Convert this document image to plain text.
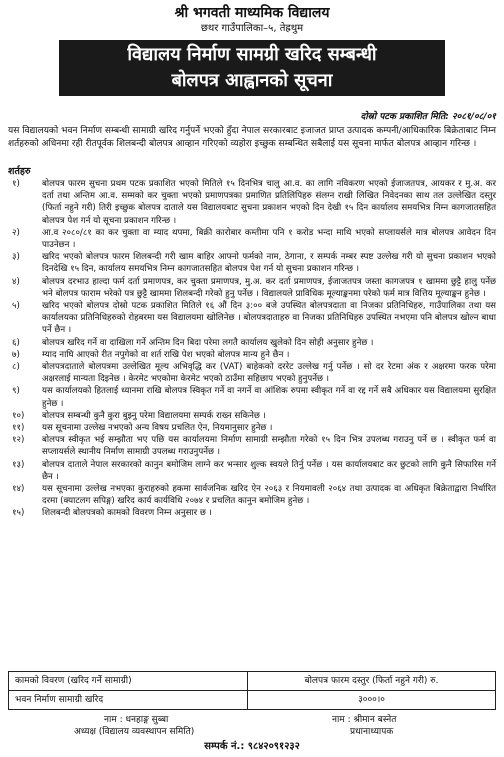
श्री भगवती माध्यमिक विद्यालय
छथर गाउँपालिका–५, तेह्रथुम
विद्यालय निर्माण सामग्री खरिद सम्बन्धी
बोलपत्र आह्वानको सूचना
दोस्रो पटक प्रकाशित मिति: २०८१/०८/०१
यस विद्यालयको भवन निर्माण सम्बन्धी सामाग्री खरिद गर्नुपर्ने भएको हुँदा नेपाल सरकारबाट इजाजत प्राप्त उत्पादक कम्पनी/आधिकारिक बिक्रेताबाट निम्न शर्तहरुको अधिनमा रही रीतपूर्वक शिलबन्दी बोलपत्र आव्हान गरिएको व्यहोरा इच्छुक सम्बन्धित सबैलाई यस सूचना मार्फत बोलपत्र आव्हान गरिन्छ ।
शर्तहरु
१)	बोलपत्र फारम सुचना प्रथम पटक प्रकाशित भएको मितिले १५ दिनभित्र चालु आ.व. का लागि नविकरण भएको ईजाजतपत्र, आयकर र मु.अ. कर दर्ता तथा अन्तिम आ.व. सम्मको कर चुक्ता भएको प्रमाणपत्रका प्रमाणित प्रतिलिपिहरु संलग्न राखी लिखित निवेदनका साथ तल उल्लेखित दस्तुर (फिर्ता नहुने गरी) तिरी इच्छुक बोलपत्र दाताले यस विद्यालयबाट सुचना प्रकाशन भएको दिन देखी १५ दिन कार्यालय समयभित्र निम्न कागजातसहित बोलपत्र पेश गर्न यो सूचना प्रकाशन गरिन्छ ।
२)	आ.व २०८०/८१ का कर चुक्ता वा म्याद थपमा, बिक्री कारोबार कम्तीमा पनि १ करोड भन्दा माथि भएको सप्लायर्सले मात्र बोलपत्र आवेदन दिन पाउनेछन ।
३)	खरिद भएको बोलपत्र फारम शिलबन्दी गरी खाम बाहिर आफ्नो फर्मको नाम, ठेगाना, र सम्पर्क नम्बर स्पष्ट उल्लेख गरी यो सुचना प्रकाशन भएको दिनदेखि १५ दिन, कार्यालय समयभित्र निम्न कागजातसहित बोलपत्र पेश गर्न यो सुचना प्रकाशन गरिन्छ ।
४)	बोलपत्र दरभाउ हाल्दा फर्म दर्ता प्रमाणपत्र, कर चुक्ता प्रमाणपत्र, मु.अ. कर दर्ता प्रमाणपत्र, ईजाजतपत्र जस्ता कागजपत्र १ खाममा छुट्टै हालु पर्नेछ भने बोलपत्र फाराम भरेको पत्र छुट्टै खाममा शिलबन्दी गरेको हुनु पर्नेछ । विद्यालयले प्राविधिक मूल्याङ्कनमा परेको फर्म मात्र वित्तिय मूल्याङ्कन हुनेछ ।
५)	खरिद भएको बोलपत्र दोस्रो पटक प्रकाशित मितिले १६ औं दिन ३:०० बजे उपस्थित बोलपत्रदाता वा निजका प्रतिनिधिहरु, गाउँपालिका तथा यस कार्यालयका प्रतिनिधिहरुको रोहबरमा यस विद्यालयमा खोलिनेछ । बोलपत्रदाताहरु वा निजका प्रतिनिधिहरु उपस्थित नभएमा पनि बोलपत्र खोल्न बाधा पर्ने छैन ।
६)	बोलपत्र खरिद गर्ने वा दाखिला गर्ने अन्तिम दिन बिदा परेमा लगतै कार्यालय खुलेको दिन सोही अनुसार हुनेछ ।
७)	म्याद नाघि आएको रीत नपुगेको वा शर्त राखि पेश भएको बोलपत्र मान्य हुने छैन ।
८)	बोलपत्रदाताले बोलपत्रमा उल्लेखित मूल्य अभिवृद्धि कर (VAT) बाहेकको दररेट उल्लेख गर्नु पर्नेछ । सो दर रेटमा अंक र अक्षरमा फरक परेमा अक्षरलाई मान्यता दिइनेछ । केरमेट भएकोमा केरमेट भएको ठाउँमा सहिछाप भएको हुनुपर्नेछ ।
९)	यस कार्यालयको हितलाई ध्यानमा राखि बोलपत्र स्विकृत गर्ने वा नगर्ने वा आंशिक रुपमा स्वीकृत गर्ने वा रद्द गर्ने सबै अधिकार यस विद्यालयमा सुरक्षित हुनेछ ।
१०)	बोलपत्र सम्बन्धी कुनै कुरा बुझ्नु परेमा विद्यालयमा सम्पर्क राख्न सकिनेछ ।
११)	यस सूचनामा उल्लेख नभएको अन्य विषय प्रचलित ऐन, नियमानुसार हुनेछ ।
१२)	बोलपत्र स्वीकृत भई सम्झौता भए पछि यस कार्यालयमा निर्माण सामाग्री सम्झौता गरेको १५ दिन भित्र उपलब्ध गराउनु पर्ने छ । स्वीकृत फर्म वा सप्लायर्सले स्थानीय निर्माण सामाग्री उपलब्ध गराउनुपर्नेछ ।
१३)	बोलपत्र दाताले नेपाल सरकारको कानुन बमोजिम लाग्ने कर भन्सार शुल्क स्वयले तिर्नु पर्नेछ । यस कार्यालयबाट कर छुटको लागि कुनै सिफारिस गर्ने छैन ।
१४)	यस सूचनामा उल्लेख नभएका कुराहरुको हकमा सार्वजनिक खरिद ऐन २०६३ र नियमावली २०६४ तथा उत्पादक वा अधिकृत बिक्रेताद्वारा निर्धारित दरमा (क्याटलग सपिङ्ग) खरिद कार्य कार्यविधि २०७४ र प्रचलित कानुन बमोजिम हुनेछ ।
१५)	शिलबन्दी बोलपत्रको कामको विवरण निम्न अनुसार छ ।
कामको विवरण (खरिद गर्ने सामाग्री)	बोलपत्र फारम दस्तुर (फिर्ता नहुने गरी) रु.
भवन निर्माण सामाग्री खरिद	३०००।०
नाम : धनहाङ्ग सुब्बा
अध्यक्ष (विद्यालय व्यवस्थापन समिति)
नाम : श्रीमान बस्नेत
प्रधानाध्यापक
सम्पर्क नं.: ९८४२०९१२३२
